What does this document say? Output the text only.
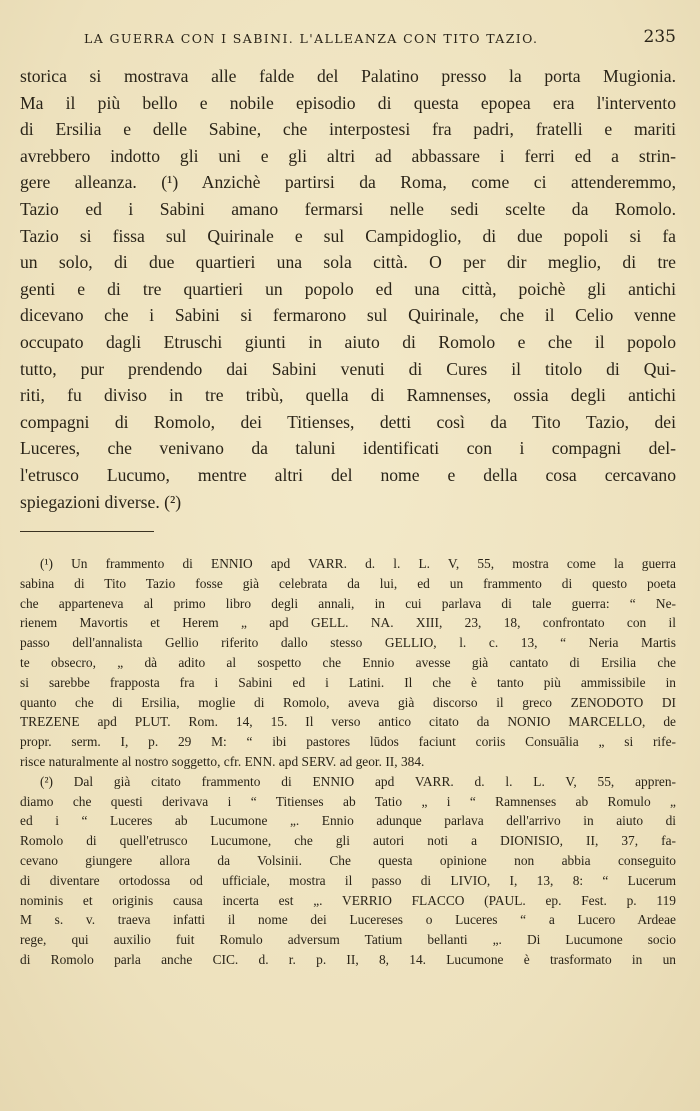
LA GUERRA CON I SABINI. L'ALLEANZA CON TITO TAZIO.	235
storica si mostrava alle falde del Palatino presso la porta Mugionia.
Ma il più bello e nobile episodio di questa epopea era l'intervento
di Ersilia e delle Sabine, che interpostesi fra padri, fratelli e mariti
avrebbero indotto gli uni e gli altri ad abbassare i ferri ed a strin-
gere alleanza. (¹) Anzichè partirsi da Roma, come ci attenderemmo,
Tazio ed i Sabini amano fermarsi nelle sedi scelte da Romolo.
Tazio si fissa sul Quirinale e sul Campidoglio, di due popoli si fa
un solo, di due quartieri una sola città. O per dir meglio, di tre
genti e di tre quartieri un popolo ed una città, poichè gli antichi
dicevano che i Sabini si fermarono sul Quirinale, che il Celio venne
occupato dagli Etruschi giunti in aiuto di Romolo e che il popolo
tutto, pur prendendo dai Sabini venuti di Cures il titolo di Qui-
riti, fu diviso in tre tribù, quella di Ramnenses, ossia degli antichi
compagni di Romolo, dei Titienses, detti così da Tito Tazio, dei
Luceres, che venivano da taluni identificati con i compagni del-
l'etrusco Lucumo, mentre altri del nome e della cosa cercavano
spiegazioni diverse. (²)
(¹) Un frammento di ENNIO apd VARR. d. l. L. V, 55, mostra come la guerra
sabina di Tito Tazio fosse già celebrata da lui, ed un frammento di questo poeta
che apparteneva al primo libro degli annali, in cui parlava di tale guerra: “ Ne-
rienem Mavortis et Herem „ apd GELL. NA. XIII, 23, 18, confrontato con il
passo dell'annalista Gellio riferito dallo stesso GELLIO, l. c. 13, “ Neria Martis
te obsecro, „ dà adito al sospetto che Ennio avesse già cantato di Ersilia che
si sarebbe frapposta fra i Sabini ed i Latini. Il che è tanto più ammissibile in
quanto che di Ersilia, moglie di Romolo, aveva già discorso il greco ZENODOTO DI
TREZENE apd PLUT. Rom. 14, 15. Il verso antico citato da NONIO MARCELLO, de
propr. serm. I, p. 29 M: “ ibi pastores lūdos faciunt coriis Consuālia „ si rife-
risce naturalmente al nostro soggetto, cfr. ENN. apd SERV. ad geor. II, 384.
(²) Dal già citato frammento di ENNIO apd VARR. d. l. L. V, 55, appren-
diamo che questi derivava i “ Titienses ab Tatio „ i “ Ramnenses ab Romulo „
ed i “ Luceres ab Lucumone „. Ennio adunque parlava dell'arrivo in aiuto di
Romolo di quell'etrusco Lucumone, che gli autori noti a DIONISIO, II, 37, fa-
cevano giungere allora da Volsinii. Che questa opinione non abbia conseguito
di diventare ortodossa od ufficiale, mostra il passo di LIVIO, I, 13, 8: “ Lucerum
nominis et originis causa incerta est „. VERRIO FLACCO (PAUL. ep. Fest. p. 119
M s. v. traeva infatti il nome dei Lucereses o Luceres “ a Lucero Ardeae
rege, qui auxilio fuit Romulo adversum Tatium bellanti „. Di Lucumone socio
di Romolo parla anche CIC. d. r. p. II, 8, 14. Lucumone è trasformato in un
